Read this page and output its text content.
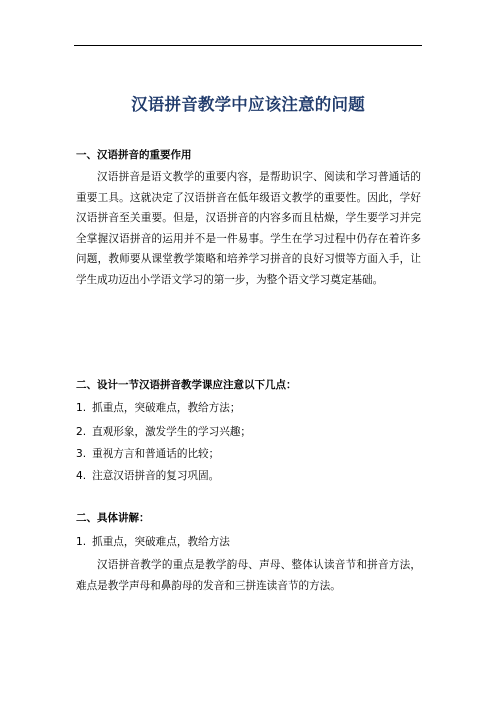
汉语拼音教学中应该注意的问题
一、汉语拼音的重要作用

汉语拼音是语文教学的重要内容，是帮助识字、阅读和学习普通话的重要工具。这就决定了汉语拼音在低年级语文教学的重要性。因此，学好汉语拼音至关重要。但是，汉语拼音的内容多而且枯燥，学生要学习并完全掌握汉语拼音的运用并不是一件易事。学生在学习过程中仍存在着许多问题，教师要从课堂教学策略和培养学习拼音的良好习惯等方面入手，让学生成功迈出小学语文学习的第一步，为整个语文学习奠定基础。

二、设计一节汉语拼音教学课应注意以下几点：
1. 抓重点，突破难点，教给方法；
2. 直观形象，激发学生的学习兴趣；
3. 重视方言和普通话的比较；
4. 注意汉语拼音的复习巩固。
二、具体讲解：
1. 抓重点，突破难点，教给方法

汉语拼音教学的重点是教学韵母、声母、整体认读音节和拼音方法，难点是教学声母和鼻韵母的发音和三拼连读音节的方法。
